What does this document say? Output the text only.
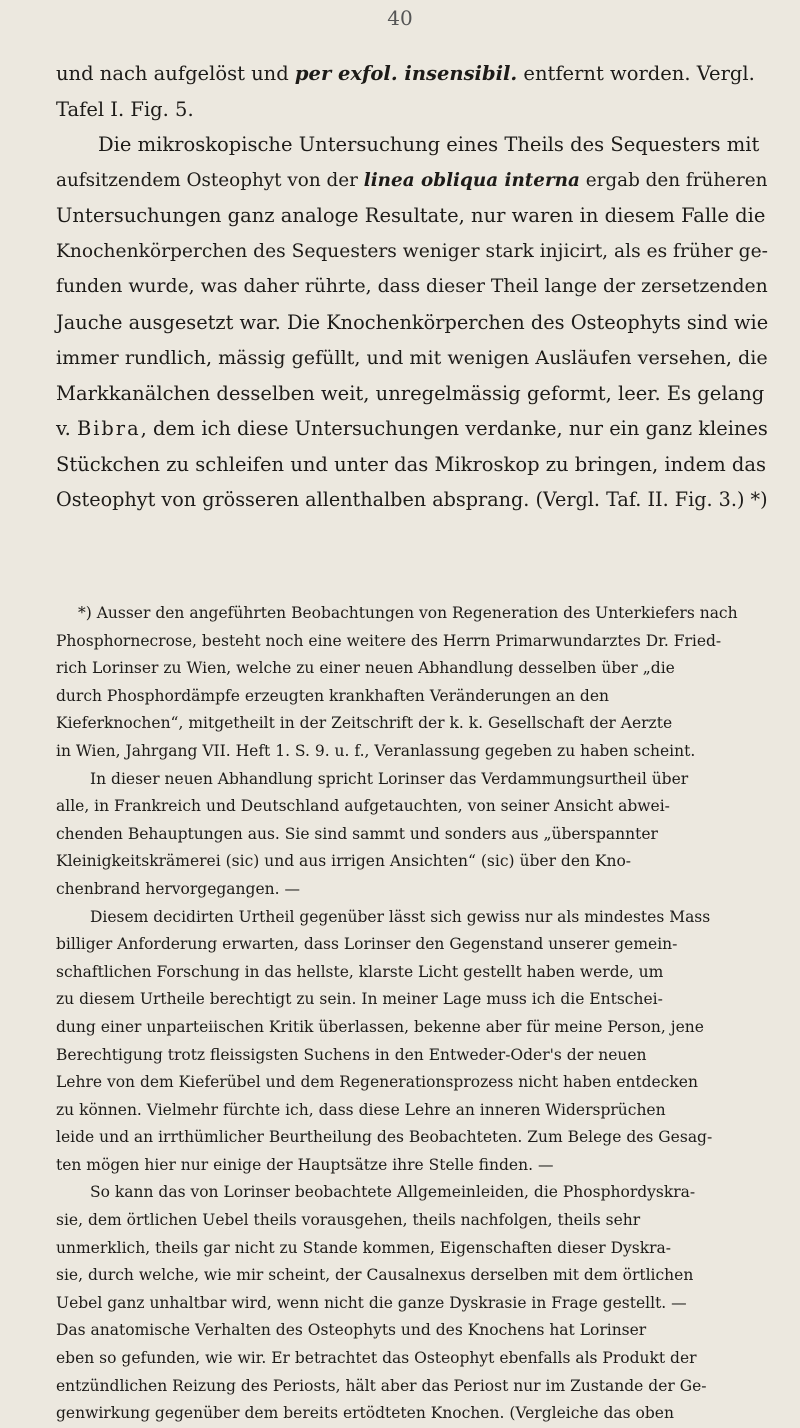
40
und nach aufgelöst und per exfol. insensibil. entfernt worden. Vergl.
Tafel I. Fig. 5.
Die mikroskopische Untersuchung eines Theils des Sequesters mit
aufsitzendem Osteophyt von der linea obliqua interna ergab den früheren
Untersuchungen ganz analoge Resultate, nur waren in diesem Falle die
Knochenkörperchen des Sequesters weniger stark injicirt, als es früher ge-
funden wurde, was daher rührte, dass dieser Theil lange der zersetzenden
Jauche ausgesetzt war. Die Knochenkörperchen des Osteophyts sind wie
immer rundlich, mässig gefüllt, und mit wenigen Ausläufen versehen, die
Markkanälchen desselben weit, unregelmässig geformt, leer. Es gelang
v. Bibra, dem ich diese Untersuchungen verdanke, nur ein ganz kleines
Stückchen zu schleifen und unter das Mikroskop zu bringen, indem das
Osteophyt von grösseren allenthalben absprang. (Vergl. Taf. II. Fig. 3.) *)
*) Ausser den angeführten Beobachtungen von Regeneration des Unterkiefers nach
Phosphornecrose, besteht noch eine weitere des Herrn Primarwundarztes Dr. Fried-
rich Lorinser zu Wien, welche zu einer neuen Abhandlung desselben über „die
durch Phosphordämpfe erzeugten krankhaften Veränderungen an den
Kieferknochen“, mitgetheilt in der Zeitschrift der k. k. Gesellschaft der Aerzte
in Wien, Jahrgang VII. Heft 1. S. 9. u. f., Veranlassung gegeben zu haben scheint.
In dieser neuen Abhandlung spricht Lorinser das Verdammungsurtheil über
alle, in Frankreich und Deutschland aufgetauchten, von seiner Ansicht abwei-
chenden Behauptungen aus. Sie sind sammt und sonders aus „überspannter
Kleinigkeitskrämerei (sic) und aus irrigen Ansichten“ (sic) über den Kno-
chenbrand hervorgegangen. —
Diesem decidirten Urtheil gegenüber lässt sich gewiss nur als mindestes Mass
billiger Anforderung erwarten, dass Lorinser den Gegenstand unserer gemein-
schaftlichen Forschung in das hellste, klarste Licht gestellt haben werde, um
zu diesem Urtheile berechtigt zu sein. In meiner Lage muss ich die Entschei-
dung einer unparteiischen Kritik überlassen, bekenne aber für meine Person, jene
Berechtigung trotz fleissigsten Suchens in den Entweder-Oder's der neuen
Lehre von dem Kieferübel und dem Regenerationsprozess nicht haben entdecken
zu können. Vielmehr fürchte ich, dass diese Lehre an inneren Widersprüchen
leide und an irrthümlicher Beurtheilung des Beobachteten. Zum Belege des Gesag-
ten mögen hier nur einige der Hauptsätze ihre Stelle finden. —
So kann das von Lorinser beobachtete Allgemeinleiden, die Phosphordyskra-
sie, dem örtlichen Uebel theils vorausgehen, theils nachfolgen, theils sehr
unmerklich, theils gar nicht zu Stande kommen, Eigenschaften dieser Dyskra-
sie, durch welche, wie mir scheint, der Causalnexus derselben mit dem örtlichen
Uebel ganz unhaltbar wird, wenn nicht die ganze Dyskrasie in Frage gestellt. —
Das anatomische Verhalten des Osteophyts und des Knochens hat Lorinser
eben so gefunden, wie wir. Er betrachtet das Osteophyt ebenfalls als Produkt der
entzündlichen Reizung des Periosts, hält aber das Periost nur im Zustande der Ge-
genwirkung gegenüber dem bereits ertödteten Knochen. (Vergleiche das oben
